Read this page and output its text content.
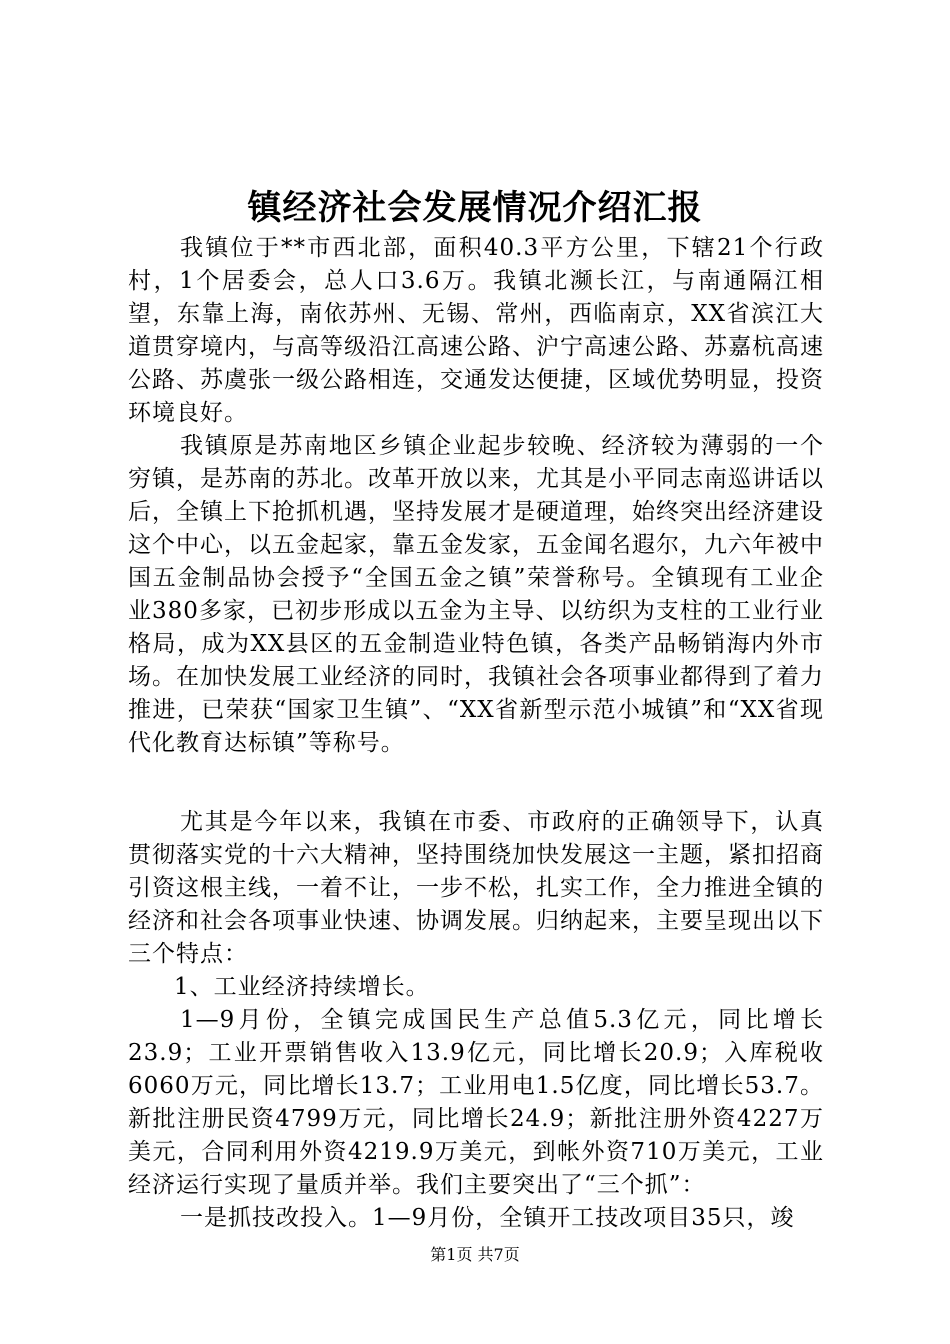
镇经济社会发展情况介绍汇报

我镇位于**市西北部，面积40.3平方公里，下辖21个行政村，1个居委会，总人口3.6万。我镇北濒长江，与南通隔江相望，东靠上海，南依苏州、无锡、常州，西临南京，XX省滨江大道贯穿境内，与高等级沿江高速公路、沪宁高速公路、苏嘉杭高速公路、苏虞张一级公路相连，交通发达便捷，区域优势明显，投资环境良好。

我镇原是苏南地区乡镇企业起步较晚、经济较为薄弱的一个穷镇，是苏南的苏北。改革开放以来，尤其是小平同志南巡讲话以后，全镇上下抢抓机遇，坚持发展才是硬道理，始终突出经济建设这个中心，以五金起家，靠五金发家，五金闻名遐尔，九六年被中国五金制品协会授予“全国五金之镇”荣誉称号。全镇现有工业企业380多家，已初步形成以五金为主导、以纺织为支柱的工业行业格局，成为XX县区的五金制造业特色镇，各类产品畅销海内外市场。在加快发展工业经济的同时，我镇社会各项事业都得到了着力推进，已荣获“国家卫生镇”、“XX省新型示范小城镇”和“XX省现代化教育达标镇”等称号。

尤其是今年以来，我镇在市委、市政府的正确领导下，认真贯彻落实党的十六大精神，坚持围绕加快发展这一主题，紧扣招商引资这根主线，一着不让，一步不松，扎实工作，全力推进全镇的经济和社会各项事业快速、协调发展。归纳起来，主要呈现出以下三个特点：

1、工业经济持续增长。

1—9月份，全镇完成国民生产总值5.3亿元，同比增长23.9；工业开票销售收入13.9亿元，同比增长20.9；入库税收6060万元，同比增长13.7；工业用电1.5亿度，同比增长53.7。新批注册民资4799万元，同比增长24.9；新批注册外资4227万美元，合同利用外资4219.9万美元，到帐外资710万美元，工业经济运行实现了量质并举。我们主要突出了“三个抓”：

一是抓技改投入。1—9月份，全镇开工技改项目35只，竣

第1页 共7页
